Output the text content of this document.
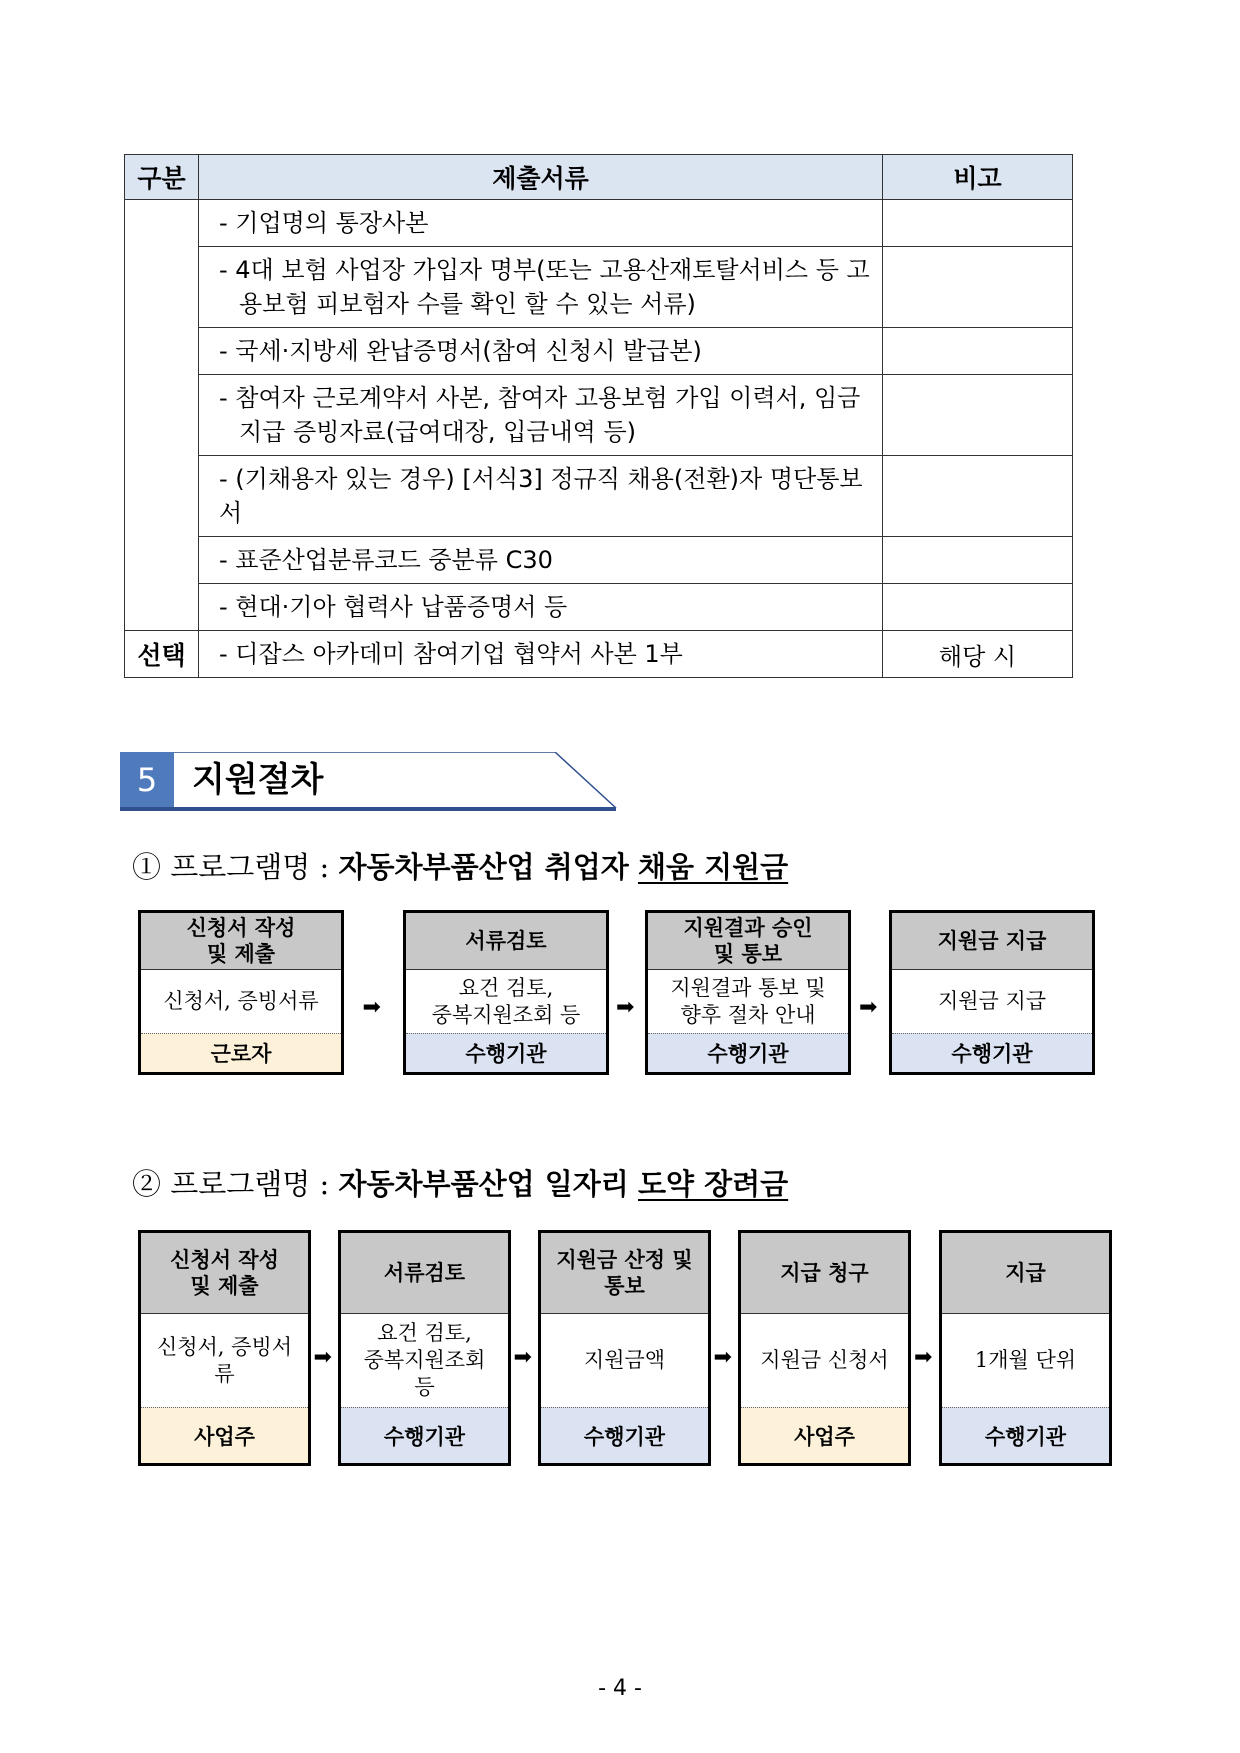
구분	제출서류	비고
	- 기업명의 통장사본	
	- 4대 보험 사업장 가입자 명부(또는 고용산재토탈서비스 등 고용보험 피보험자 수를 확인 할 수 있는 서류)	
	- 국세·지방세 완납증명서(참여 신청시 발급본)	
	- 참여자 근로계약서 사본, 참여자 고용보험 가입 이력서, 임금 지급 증빙자료(급여대장, 입금내역 등)	
	- (기채용자 있는 경우) [서식3] 정규직 채용(전환)자 명단통보서	
	- 표준산업분류코드 중분류 C30	
	- 현대·기아 협력사 납품증명서 등	
선택	- 디잡스 아카데미 참여기업 협약서 사본 1부	해당 시
5	지원절차
① 프로그램명 : 자동차부품산업 취업자 채움 지원금
신청서 작성
및 제출
신청서, 증빙서류
근로자
➡
서류검토
요건 검토,
중복지원조회 등
수행기관
➡
지원결과 승인
및 통보
지원결과 통보 및
향후 절차 안내
수행기관
➡
지원금 지급
지원금 지급
수행기관
② 프로그램명 : 자동차부품산업 일자리 도약 장려금
신청서 작성
및 제출
신청서, 증빙서류
사업주
➡
서류검토
요건 검토,
중복지원조회
등
수행기관
➡
지원금 산정 및
통보
지원금액
수행기관
➡
지급 청구
지원금 신청서
사업주
➡
지급
1개월 단위
수행기관
- 4 -
